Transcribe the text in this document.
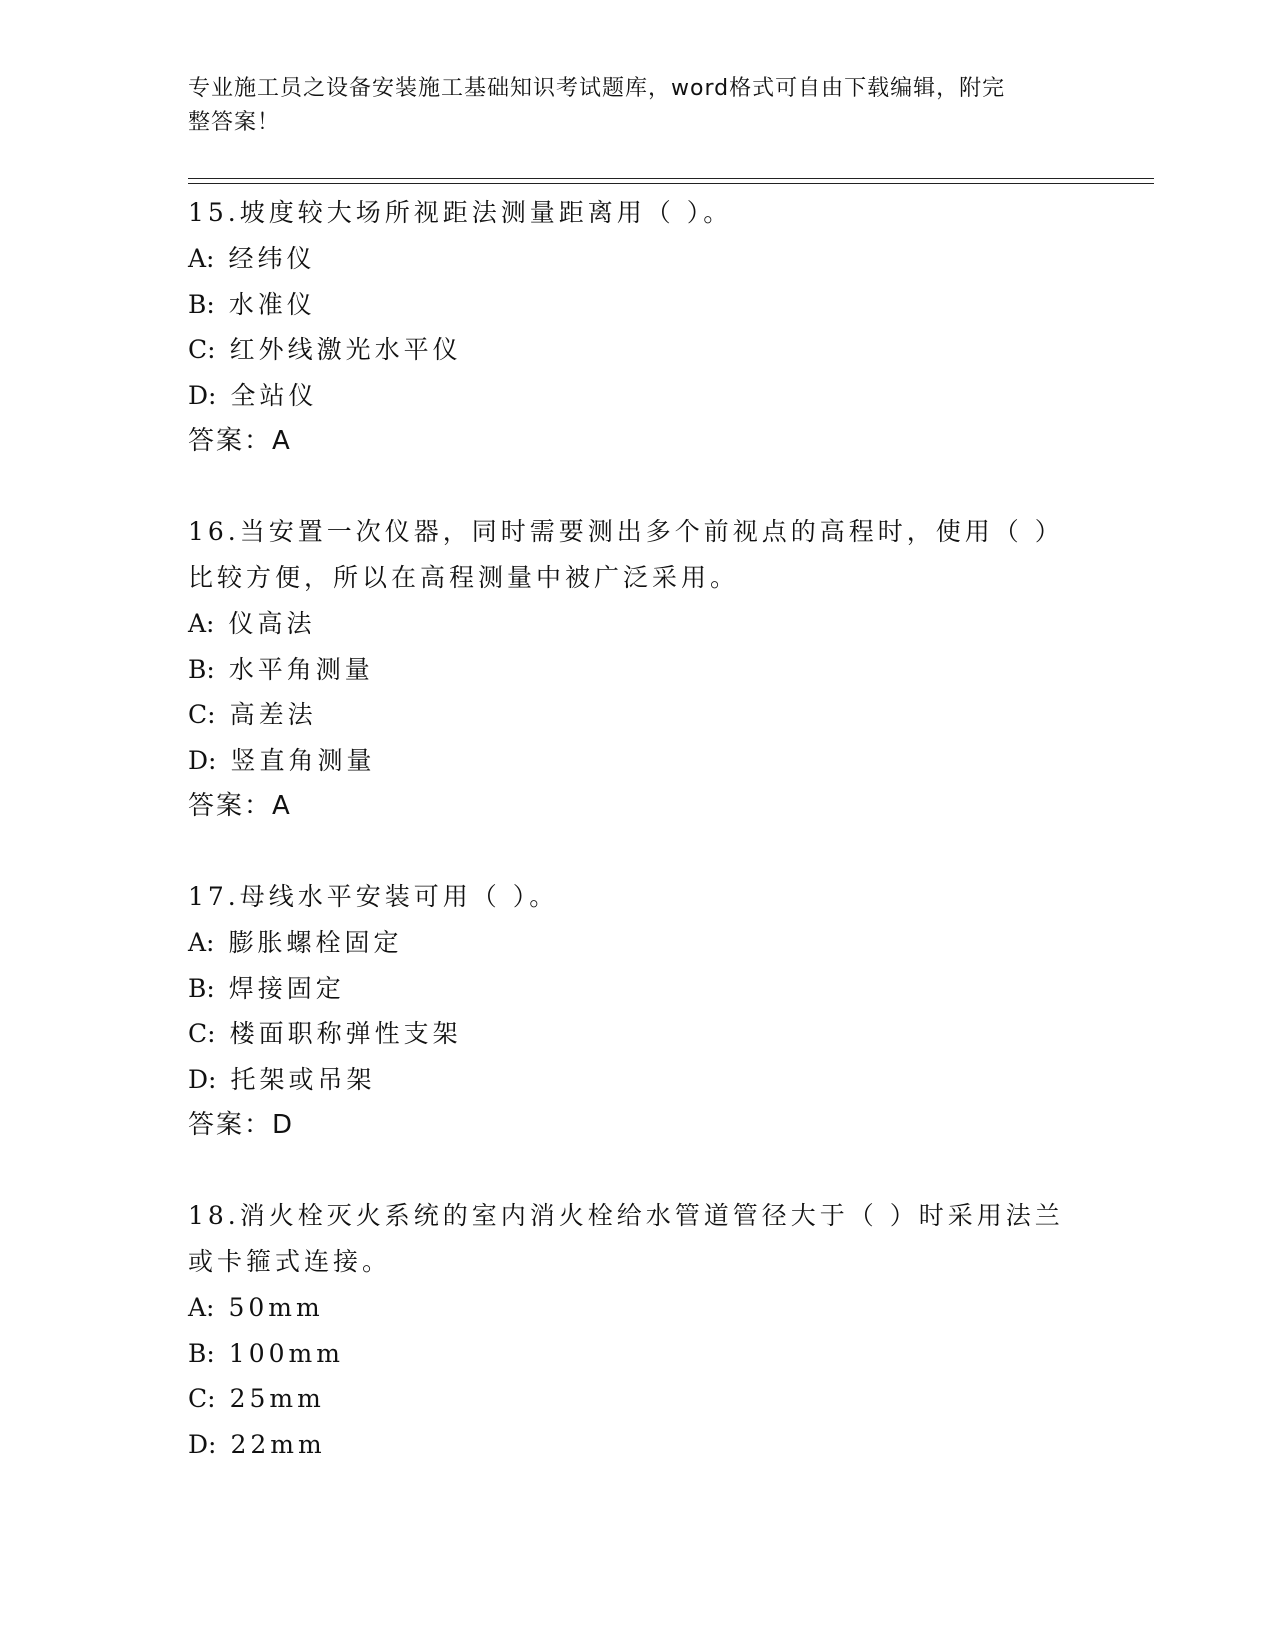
专业施工员之设备安装施工基础知识考试题库，word格式可自由下载编辑，附完
整答案！
15.坡度较大场所视距法测量距离用（ ）。
A: 经纬仪
B: 水准仪
C: 红外线激光水平仪
D: 全站仪
答案：A
16.当安置一次仪器，同时需要测出多个前视点的高程时，使用（ ）比较方便，所以在高程测量中被广泛采用。
A: 仪高法
B: 水平角测量
C: 高差法
D: 竖直角测量
答案：A
17.母线水平安装可用（ ）。
A: 膨胀螺栓固定
B: 焊接固定
C: 楼面职称弹性支架
D: 托架或吊架
答案：D
18.消火栓灭火系统的室内消火栓给水管道管径大于（ ）时采用法兰或卡箍式连接。
A: 50mm
B: 100mm
C: 25mm
D: 22mm
